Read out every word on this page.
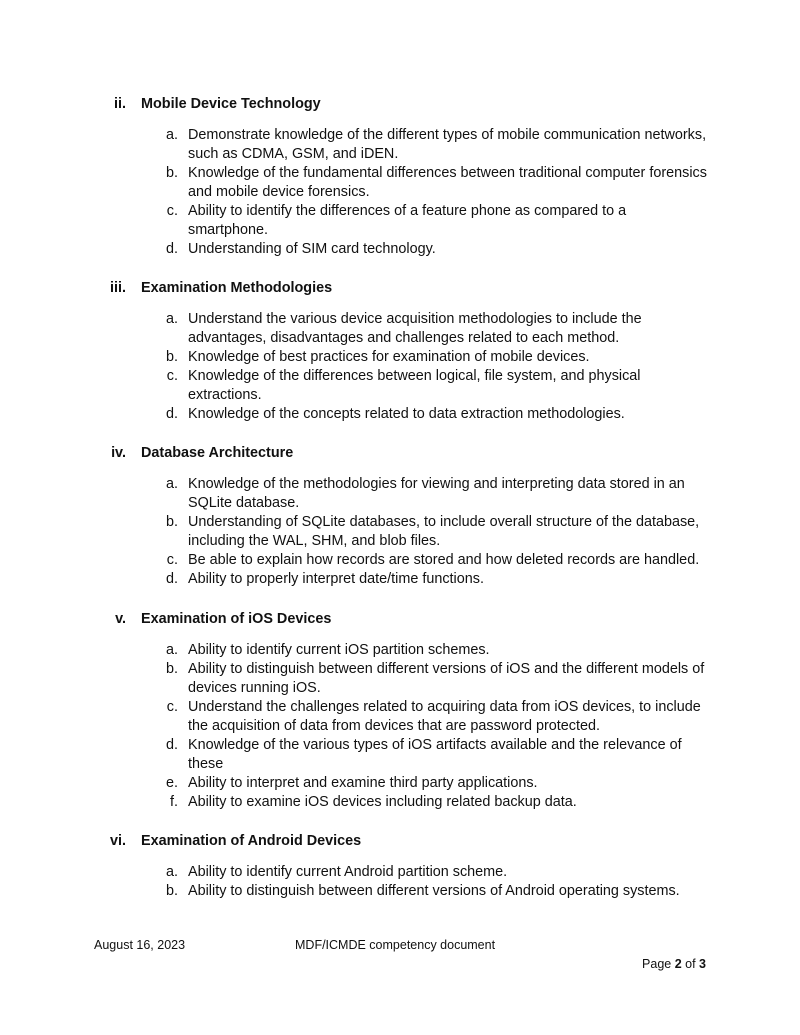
ii. Mobile Device Technology
a. Demonstrate knowledge of the different types of mobile communication networks, such as CDMA, GSM, and iDEN.
b. Knowledge of the fundamental differences between traditional computer forensics and mobile device forensics.
c. Ability to identify the differences of a feature phone as compared to a smartphone.
d. Understanding of SIM card technology.
iii. Examination Methodologies
a. Understand the various device acquisition methodologies to include the advantages, disadvantages and challenges related to each method.
b. Knowledge of best practices for examination of mobile devices.
c. Knowledge of the differences between logical, file system, and physical extractions.
d. Knowledge of the concepts related to data extraction methodologies.
iv. Database Architecture
a. Knowledge of the methodologies for viewing and interpreting data stored in an SQLite database.
b. Understanding of SQLite databases, to include overall structure of the database, including the WAL, SHM, and blob files.
c. Be able to explain how records are stored and how deleted records are handled.
d. Ability to properly interpret date/time functions.
v. Examination of iOS Devices
a. Ability to identify current iOS partition schemes.
b. Ability to distinguish between different versions of iOS and the different models of devices running iOS.
c. Understand the challenges related to acquiring data from iOS devices, to include the acquisition of data from devices that are password protected.
d. Knowledge of the various types of iOS artifacts available and the relevance of these
e. Ability to interpret and examine third party applications.
f. Ability to examine iOS devices including related backup data.
vi. Examination of Android Devices
a. Ability to identify current Android partition scheme.
b. Ability to distinguish between different versions of Android operating systems.
August 16, 2023	MDF/ICMDE competency document
Page 2 of 3
